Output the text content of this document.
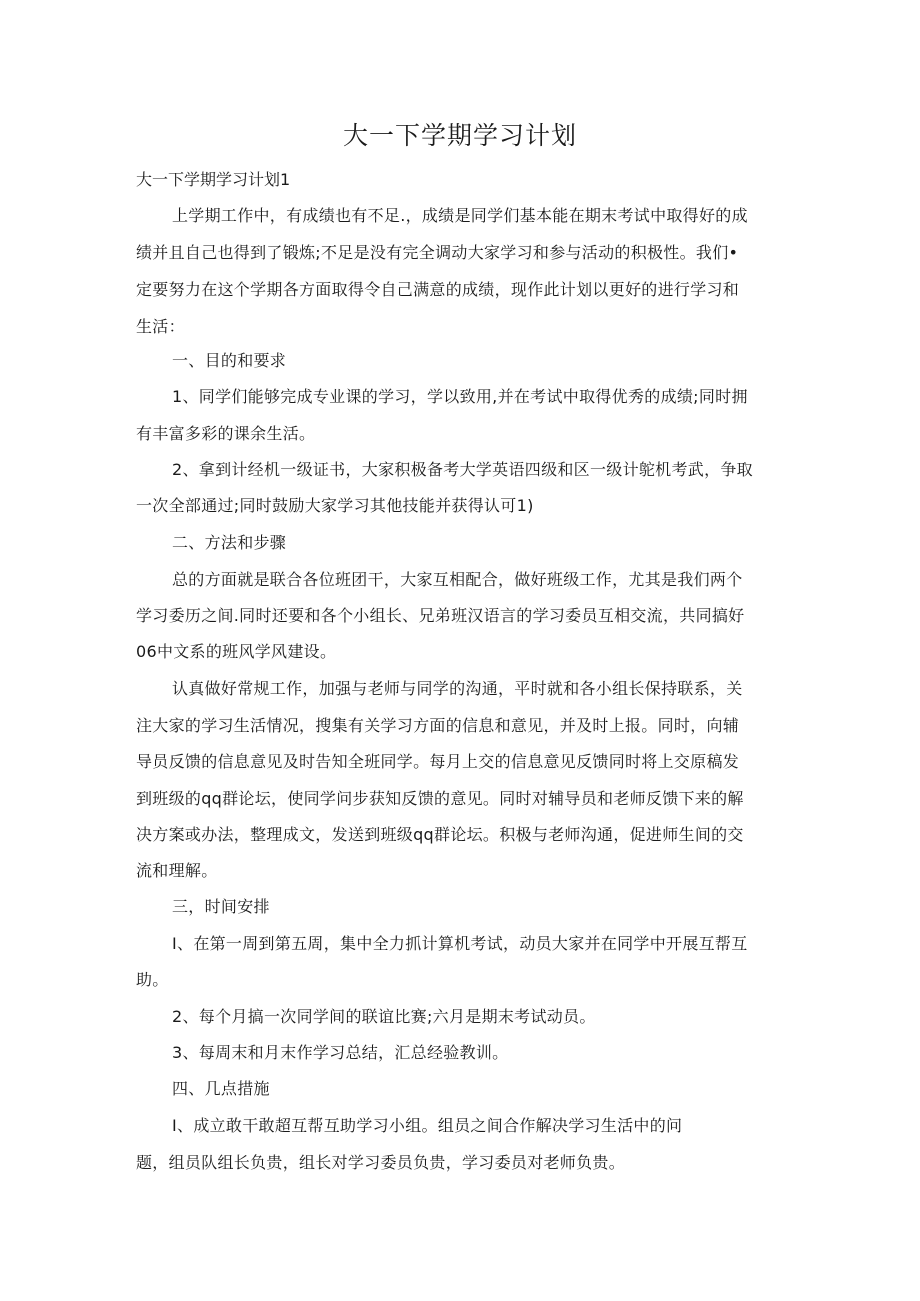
大一下学期学习计划

大一下学期学习计划1

上学期工作中，有成绩也有不足.，成绩是同学们基本能在期末考试中取得好的成

绩并且自己也得到了锻炼;不足是没有完全调动大家学习和参与活动的积极性。我们•

定要努力在这个学期各方面取得令自己满意的成绩，现作此计划以更好的进行学习和

生活：

一、目的和要求

1、同学们能够完成专业课的学习，学以致用,并在考试中取得优秀的成绩;同时拥

有丰富多彩的课余生活。

2、拿到计经机一级证书，大家积极备考大学英语四级和区一级计鸵机考武，争取

一次全部通过;同时鼓励大家学习其他技能并获得认可1)

二、方法和步骤

总的方面就是联合各位班团干，大家互相配合，做好班级工作，尤其是我们两个

学习委历之间.同时还要和各个小组长、兄弟班汉语言的学习委员互相交流，共同搞好

06中文系的班风学风建设。

认真做好常规工作，加强与老师与同学的沟通，平时就和各小组长保持联系，关

注大家的学习生活情况，搜集有关学习方面的信息和意见，并及时上报。同时，向辅

导员反馈的信息意见及时告知全班同学。每月上交的信息意见反馈同时将上交原稿发

到班级的qq群论坛，使同学问步获知反馈的意见。同时对辅导员和老师反馈下来的解

决方案或办法，整理成文，发送到班级qq群论坛。积极与老师沟通，促进师生间的交

流和理解。

三，时间安排

I、在第一周到第五周，集中全力抓计算机考试，动员大家并在同学中开展互帮互

助。

2、每个月搞一次同学间的联谊比赛;六月是期末考试动员。

3、每周末和月末作学习总结，汇总经验教训。

四、几点措施

I、成立敢干敢超互帮互助学习小组。组员之间合作解决学习生活中的问

题，组员队组长负贵，组长对学习委员负贵，学习委员对老师负贵。
